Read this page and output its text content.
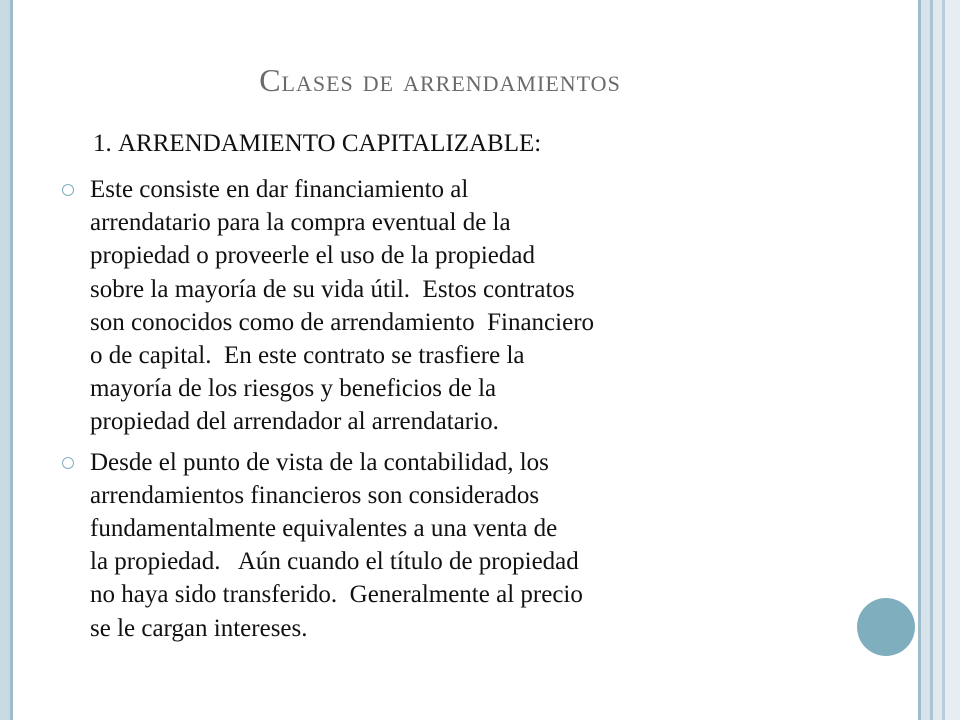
Clases de arrendamientos

1. ARRENDAMIENTO CAPITALIZABLE:

Este consiste en dar financiamiento al
arrendatario para la compra eventual de la
propiedad o proveerle el uso de la propiedad
sobre la mayoría de su vida útil.  Estos contratos
son conocidos como de arrendamiento  Financiero
o de capital.  En este contrato se trasfiere la
mayoría de los riesgos y beneficios de la
propiedad del arrendador al arrendatario.
Desde el punto de vista de la contabilidad, los
arrendamientos financieros son considerados
fundamentalmente equivalentes a una venta de
la propiedad.   Aún cuando el título de propiedad
no haya sido transferido.  Generalmente al precio
se le cargan intereses.
